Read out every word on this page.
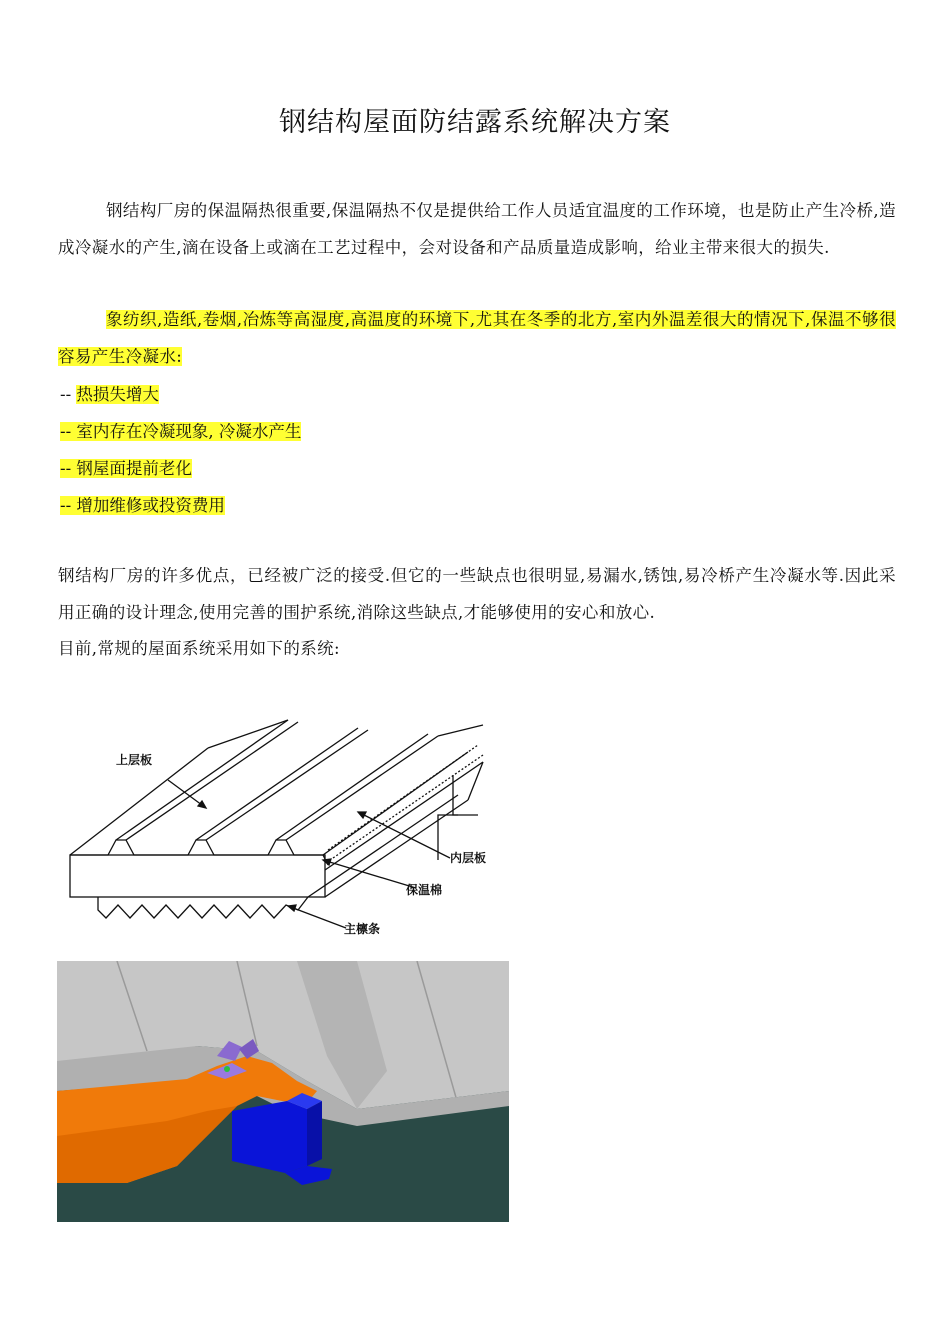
钢结构屋面防结露系统解决方案
钢结构厂房的保温隔热很重要,保温隔热不仅是提供给工作人员适宜温度的工作环境，也是防止产生冷桥,造成冷凝水的产生,滴在设备上或滴在工艺过程中，会对设备和产品质量造成影响，给业主带来很大的损失.
象纺织,造纸,卷烟,冶炼等高湿度,高温度的环境下,尤其在冬季的北方,室内外温差很大的情况下,保温不够很容易产生冷凝水:
-- 热损失增大
-- 室内存在冷凝现象, 冷凝水产生
-- 钢屋面提前老化
-- 增加维修或投资费用
钢结构厂房的许多优点，已经被广泛的接受.但它的一些缺点也很明显,易漏水,锈蚀,易冷桥产生冷凝水等.因此采用正确的设计理念,使用完善的围护系统,消除这些缺点,才能够使用的安心和放心.
目前,常规的屋面系统采用如下的系统:
上层板
内层板
保温棉
主檩条
